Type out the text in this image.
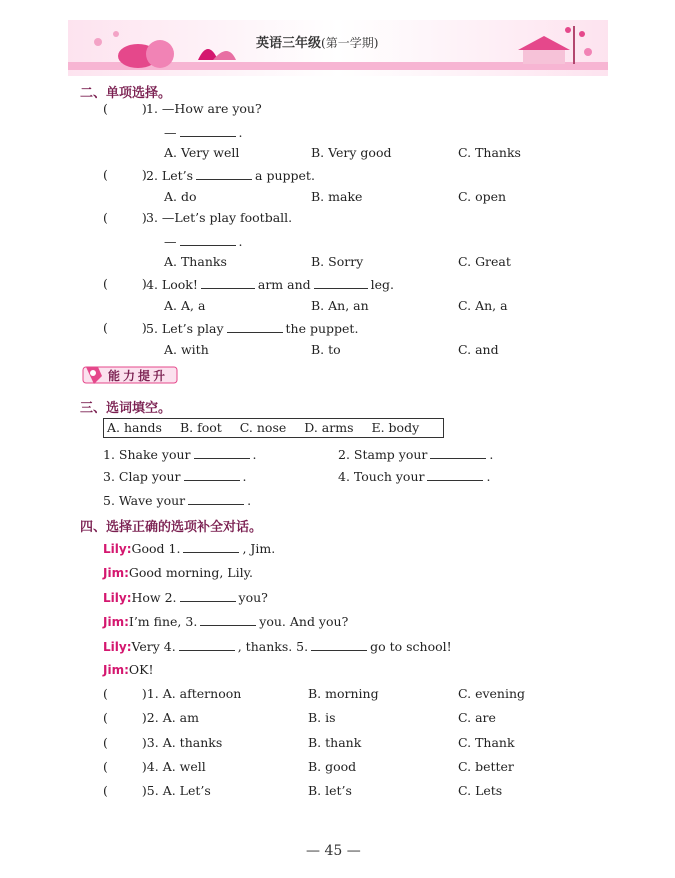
英语三年级(第一学期)
二、单项选择。
(	) 1. —How are you?
—	.
A. Very well	B. Very good	C. Thanks
(	) 2. Let’s	a puppet.
A. do	B. make	C. open
(	) 3. —Let’s play football.
—	.
A. Thanks	B. Sorry	C. Great
(	) 4. Look!	arm and	leg.
A. A, a	B. An, an	C. An, a
(	) 5. Let’s play	the puppet.
A. with	B. to	C. and
能力提升
三、选词填空。
A. hands B. foot C. nose D. arms E. body
1. Shake your	.	2. Stamp your	.
3. Clap your	.	4. Touch your	.
5. Wave your	.
四、选择正确的选项补全对话。
Lily:Good 1.	, Jim.
Jim:Good morning, Lily.
Lily:How 2.	you?
Jim:I’m fine, 3.	you. And you?
Lily:Very 4.	, thanks. 5.	go to school!
Jim:OK!
(	)1. A. afternoon	B. morning	C. evening
(	)2. A. am	B. is	C. are
(	)3. A. thanks	B. thank	C. Thank
(	)4. A. well	B. good	C. better
(	)5. A. Let’s	B. let’s	C. Lets
— 45 —
